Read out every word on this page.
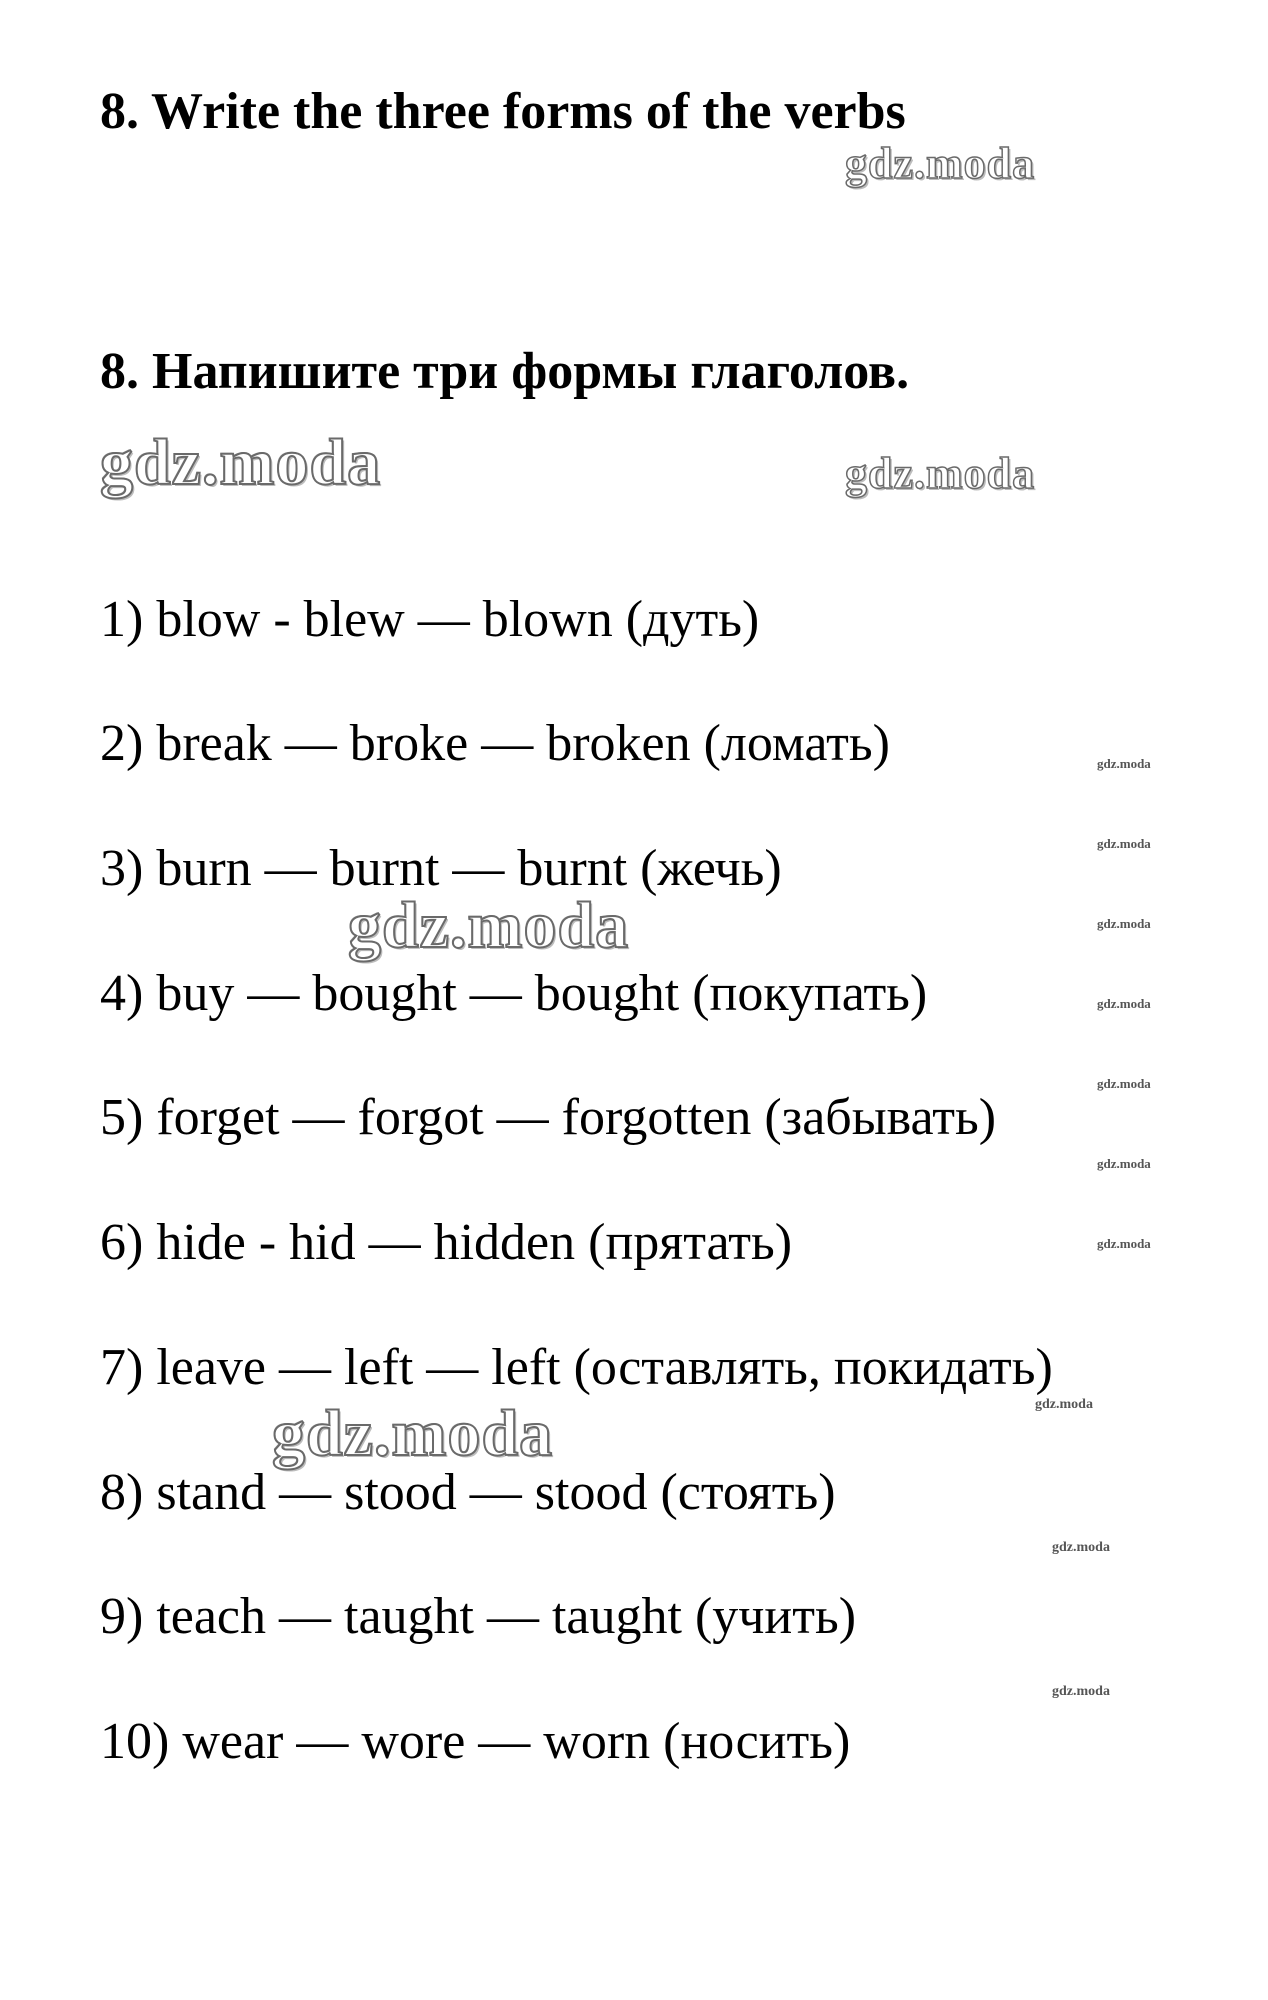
8. Write the three forms of the verbs
8. Напишите три формы глаголов.
1) blow - blew — blown (дуть)
2) break — broke — broken (ломать)
3) burn — burnt — burnt (жечь)
4) buy — bought — bought (покупать)
5) forget — forgot — forgotten (забывать)
6) hide - hid — hidden (прятать)
7) leave — left — left (оставлять, покидать)
8) stand — stood — stood (стоять)
9) teach — taught — taught (учить)
10) wear — wore — worn (носить)
gdz.moda
gdz.moda	gdz.moda
gdz.moda
gdz.moda
gdz.moda
gdz.moda
gdz.moda
gdz.moda
gdz.moda
gdz.moda
gdz.moda
gdz.moda
gdz.moda
gdz.moda
